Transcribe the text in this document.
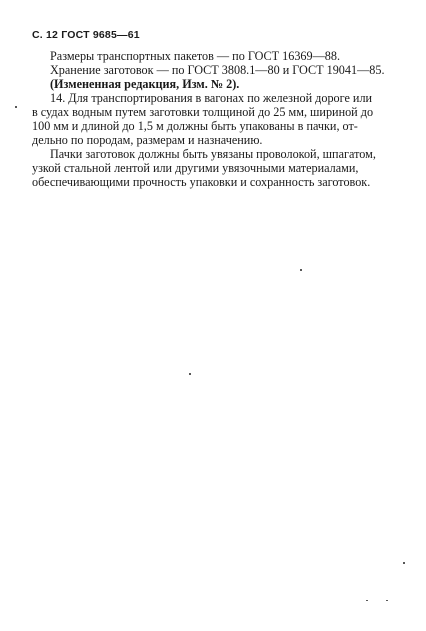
С. 12 ГОСТ 9685—61
Размеры транспортных пакетов — по ГОСТ 16369—88.
Хранение заготовок — по ГОСТ 3808.1—80 и ГОСТ 19041—85.
(Измененная редакция, Изм. № 2).
14. Для транспортирования в вагонах по железной дороге или
в судах водным путем заготовки толщиной до 25 мм, шириной до
100 мм и длиной до 1,5 м должны быть упакованы в пачки, от-
дельно по породам, размерам и назначению.
Пачки заготовок должны быть увязаны проволокой, шпагатом,
узкой стальной лентой или другими увязочными материалами,
обеспечивающими прочность упаковки и сохранность заготовок.
